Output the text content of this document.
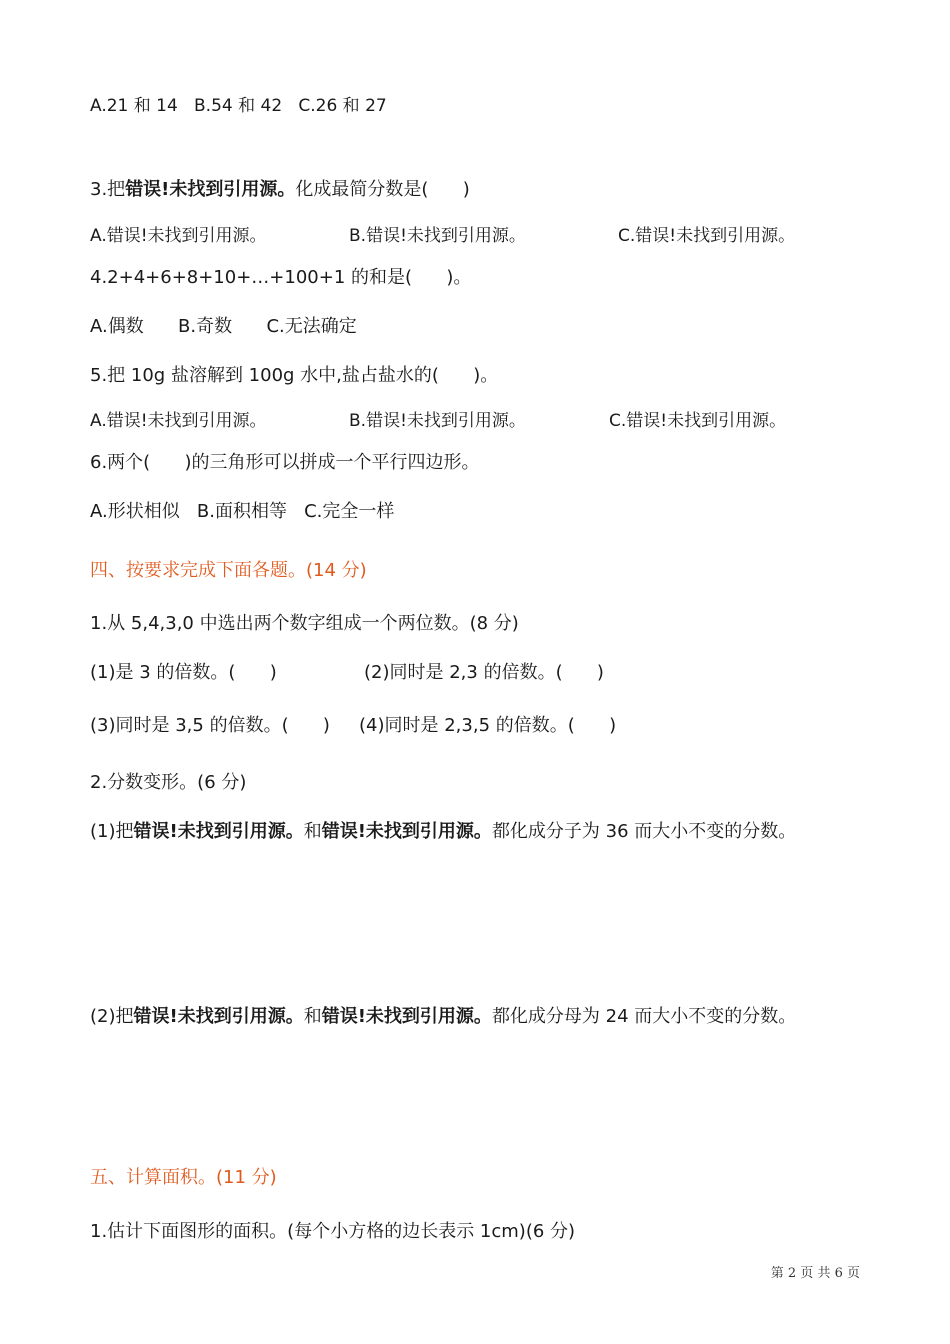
A.21 和 14   B.54 和 42   C.26 和 27
3.把错误!未找到引用源。化成最简分数是(      )
A.错误!未找到引用源。	B.错误!未找到引用源。	C.错误!未找到引用源。
4.2+4+6+8+10+…+100+1 的和是(      )。
A.偶数      B.奇数      C.无法确定
5.把 10g 盐溶解到 100g 水中,盐占盐水的(      )。
A.错误!未找到引用源。	B.错误!未找到引用源。	C.错误!未找到引用源。
6.两个(      )的三角形可以拼成一个平行四边形。
A.形状相似   B.面积相等   C.完全一样
四、按要求完成下面各题。(14 分)
1.从 5,4,3,0 中选出两个数字组成一个两位数。(8 分)
(1)是 3 的倍数。(      )	(2)同时是 2,3 的倍数。(      )
(3)同时是 3,5 的倍数。(      ) (4)同时是 2,3,5 的倍数。(      )
2.分数变形。(6 分)
(1)把错误!未找到引用源。和错误!未找到引用源。都化成分子为 36 而大小不变的分数。
(2)把错误!未找到引用源。和错误!未找到引用源。都化成分母为 24 而大小不变的分数。
五、计算面积。(11 分)
1.估计下面图形的面积。(每个小方格的边长表示 1cm)(6 分)
第 2 页 共 6 页
